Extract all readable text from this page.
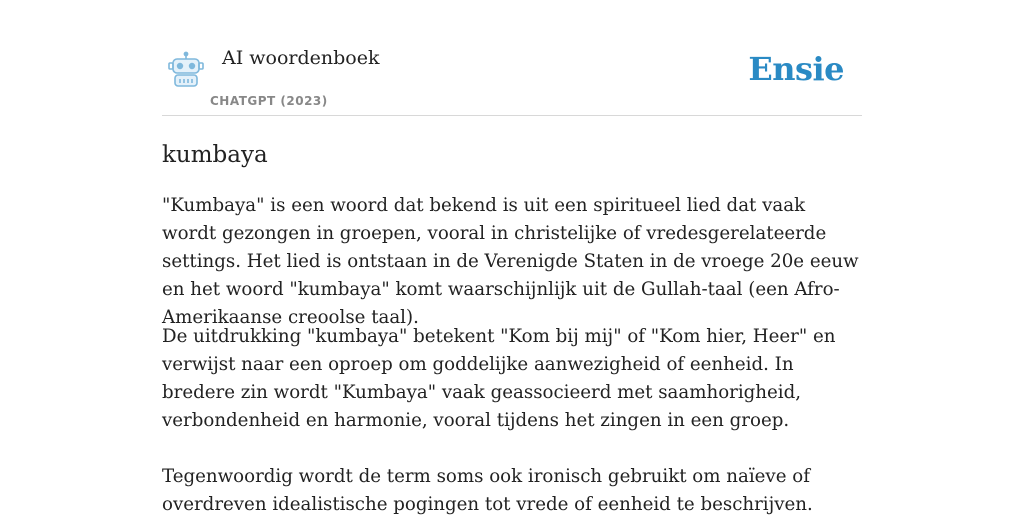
AI woordenboek
CHATGPT (2023)
Ensie
kumbaya

"Kumbaya" is een woord dat bekend is uit een spiritueel lied dat vaak wordt gezongen in groepen, vooral in christelijke of vredesgerelateerde settings. Het lied is ontstaan in de Verenigde Staten in de vroege 20e eeuw en het woord "kumbaya" komt waarschijnlijk uit de Gullah-taal (een Afro-Amerikaanse creoolse taal).

De uitdrukking "kumbaya" betekent "Kom bij mij" of "Kom hier, Heer" en verwijst naar een oproep om goddelijke aanwezigheid of eenheid. In bredere zin wordt "Kumbaya" vaak geassocieerd met saamhorigheid, verbondenheid en harmonie, vooral tijdens het zingen in een groep.

Tegenwoordig wordt de term soms ook ironisch gebruikt om naïeve of overdreven idealistische pogingen tot vrede of eenheid te beschrijven.
